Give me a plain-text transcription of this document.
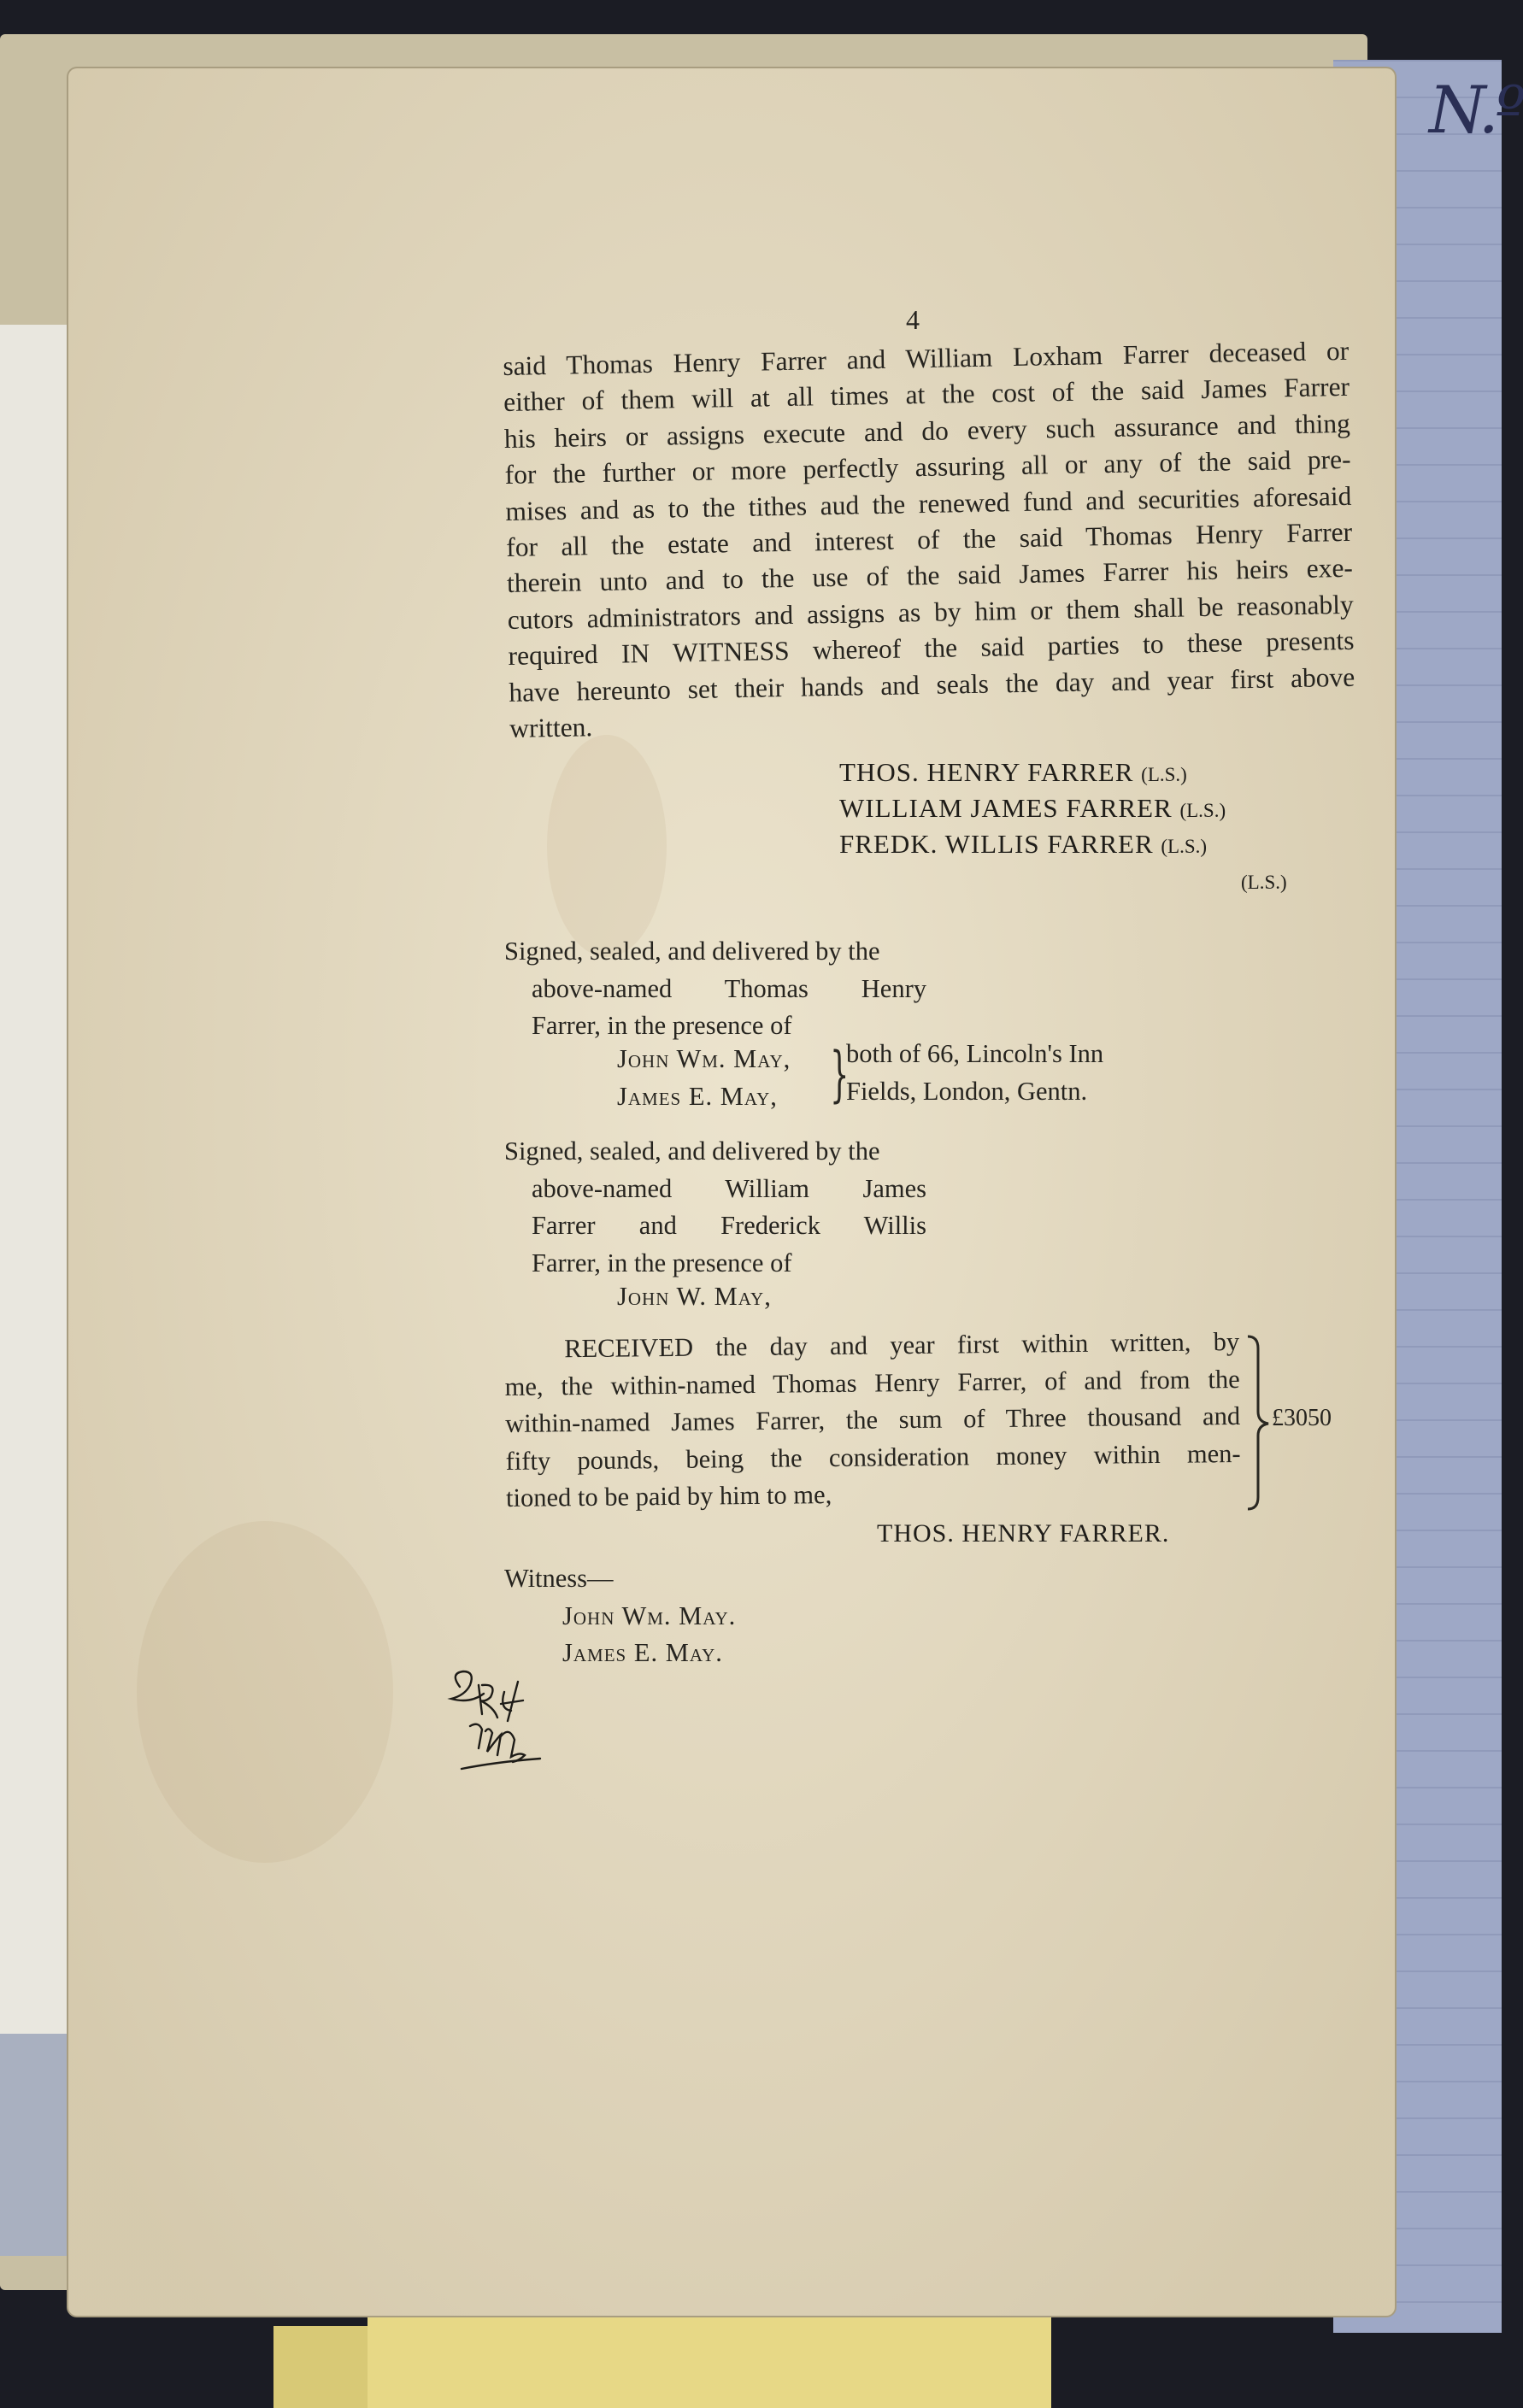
N.º
4
said Thomas Henry Farrer and William Loxham Farrer deceased or
either of them will at all times at the cost of the said James Farrer
his heirs or assigns execute and do every such assurance and thing
for the further or more perfectly assuring all or any of the said pre-
mises and as to the tithes aud the renewed fund and securities aforesaid
for all the estate and interest of the said Thomas Henry Farrer
therein unto and to the use of the said James Farrer his heirs exe-
cutors administrators and assigns as by him or them shall be reasonably
required IN WITNESS whereof the said parties to these presents
have hereunto set their hands and seals the day and year first above
written.
THOS. HENRY FARRER (L.S.)
WILLIAM JAMES FARRER (L.S.)
FREDK. WILLIS FARRER (L.S.)
(L.S.)
Signed, sealed, and delivered by the
above-named Thomas Henry
Farrer, in the presence of
John Wm. May,
James E. May, }
both of 66, Lincoln's Inn
Fields, London, Gentn.
Signed, sealed, and delivered by the
above-named William James
Farrer and Frederick Willis
Farrer, in the presence of
John W. May,
RECEIVED the day and year first within written, by
me, the within-named Thomas Henry Farrer, of and from the
within-named James Farrer, the sum of Three thousand and
fifty pounds, being the consideration money within men-
tioned to be paid by him to me,
£3050
THOS. HENRY FARRER.
Witness—
John Wm. May.
James E. May.
